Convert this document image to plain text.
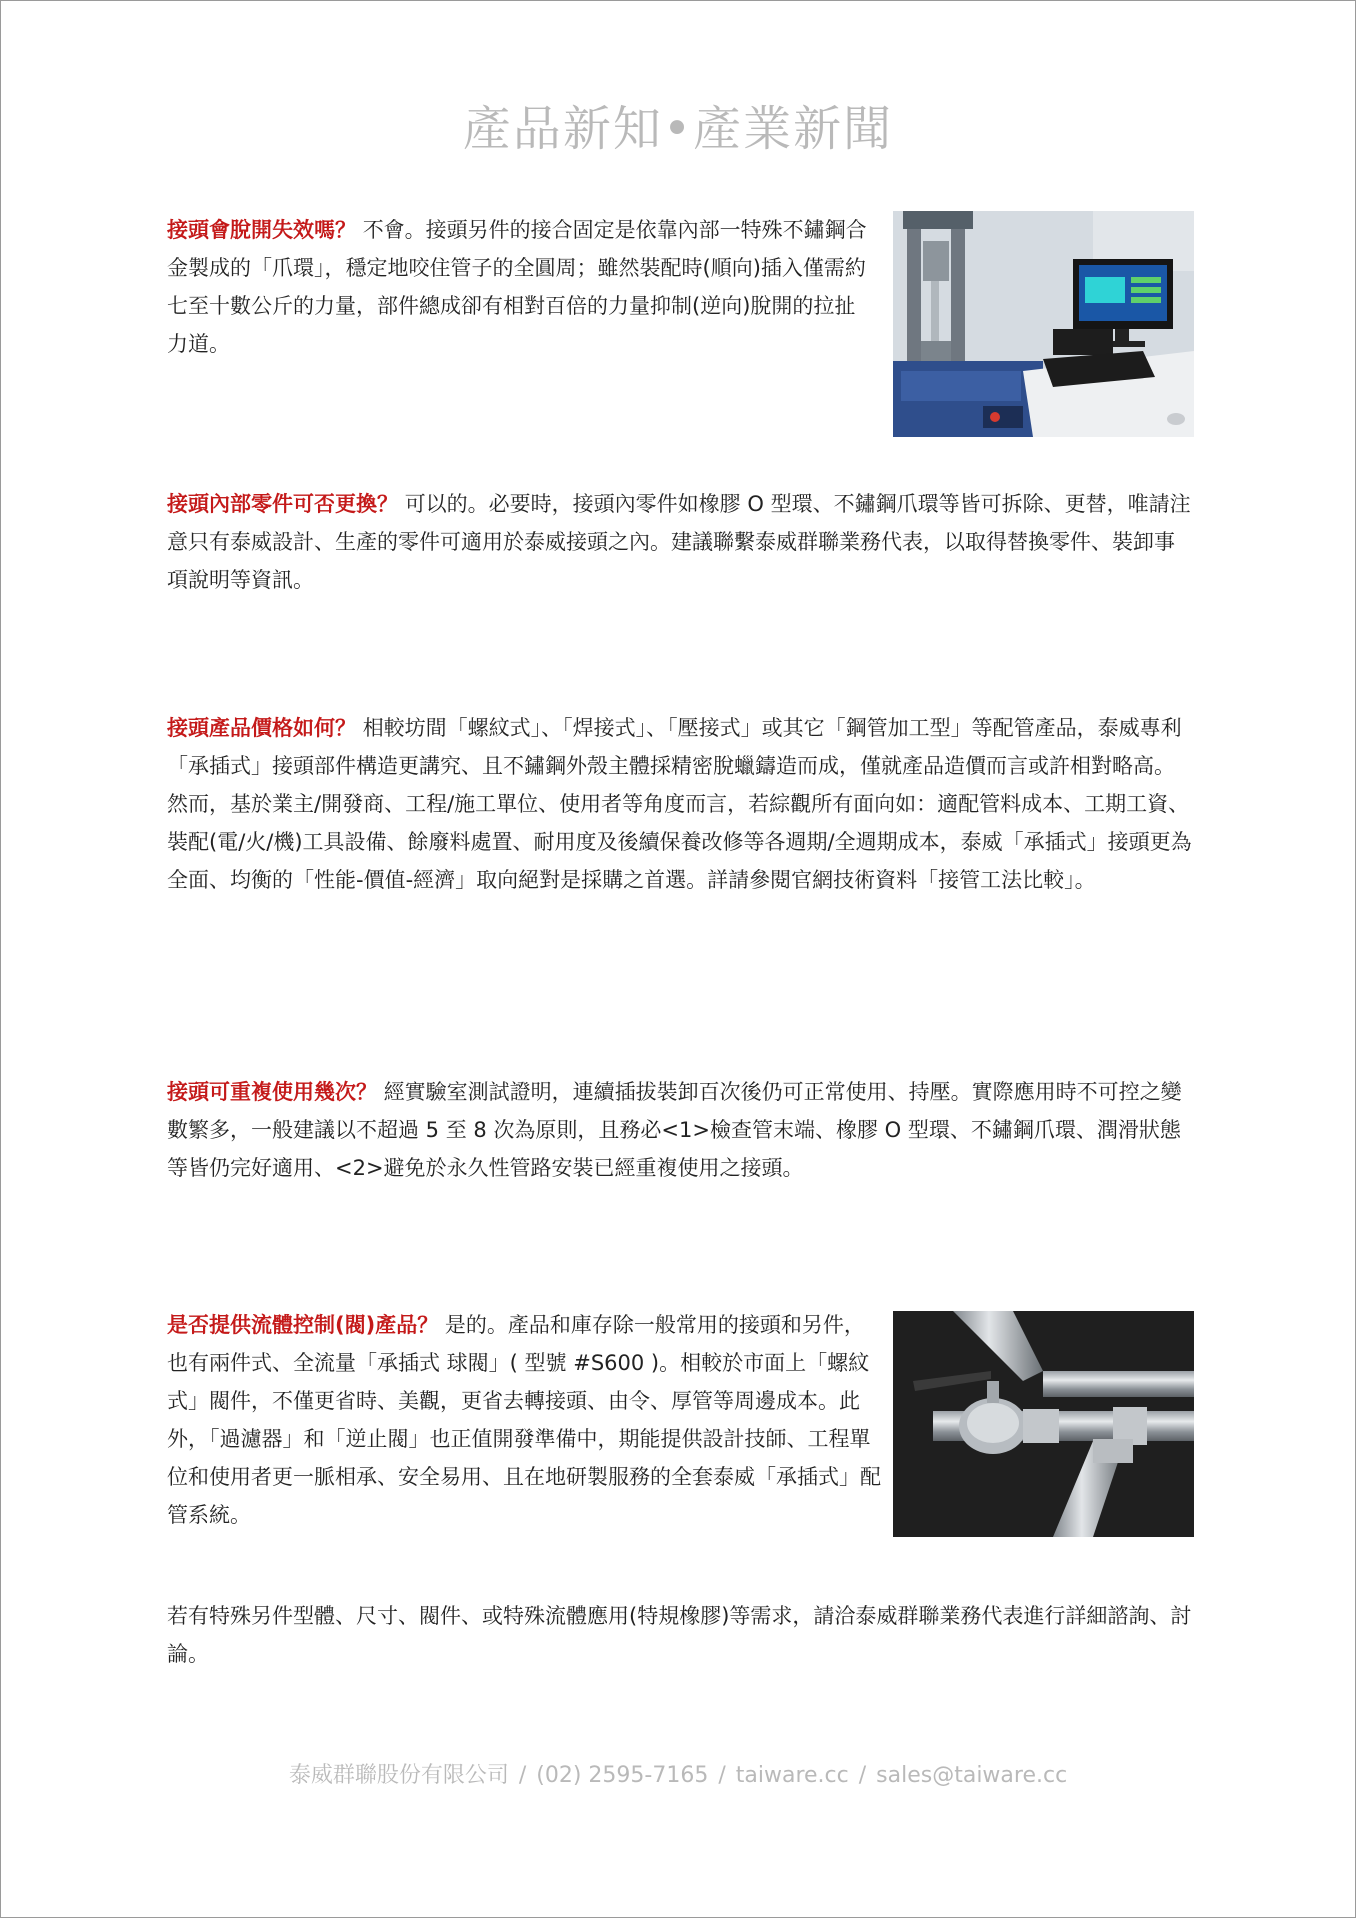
產品新知•產業新聞

接頭會脫開失效嗎？ 不會。接頭另件的接合固定是依靠內部一特殊不鏽鋼合金製成的「爪環」，穩定地咬住管子的全圓周；雖然裝配時(順向)插入僅需約七至十數公斤的力量，部件總成卻有相對百倍的力量抑制(逆向)脫開的拉扯力道。

接頭內部零件可否更換？ 可以的。必要時，接頭內零件如橡膠 O 型環、不鏽鋼爪環等皆可拆除、更替，唯請注意只有泰威設計、生產的零件可適用於泰威接頭之內。建議聯繫泰威群聯業務代表，以取得替換零件、裝卸事項說明等資訊。

接頭產品價格如何？ 相較坊間「螺紋式」、「焊接式」、「壓接式」或其它「鋼管加工型」等配管產品，泰威專利「承插式」接頭部件構造更講究、且不鏽鋼外殼主體採精密脫蠟鑄造而成，僅就產品造價而言或許相對略高。然而，基於業主/開發商、工程/施工單位、使用者等角度而言，若綜觀所有面向如：適配管料成本、工期工資、裝配(電/火/機)工具設備、餘廢料處置、耐用度及後續保養改修等各週期/全週期成本，泰威「承插式」接頭更為全面、均衡的「性能-價值-經濟」取向絕對是採購之首選。詳請參閱官網技術資料「接管工法比較」。

接頭可重複使用幾次？ 經實驗室測試證明，連續插拔裝卸百次後仍可正常使用、持壓。實際應用時不可控之變數繁多，一般建議以不超過 5 至 8 次為原則，且務必<1>檢查管末端、橡膠 O 型環、不鏽鋼爪環、潤滑狀態等皆仍完好適用、<2>避免於永久性管路安裝已經重複使用之接頭。

是否提供流體控制(閥)產品？ 是的。產品和庫存除一般常用的接頭和另件，也有兩件式、全流量「承插式 球閥」( 型號 #S600 )。相較於市面上「螺紋式」閥件，不僅更省時、美觀，更省去轉接頭、由令、厚管等周邊成本。此外，「過濾器」和「逆止閥」也正值開發準備中，期能提供設計技師、工程單位和使用者更一脈相承、安全易用、且在地研製服務的全套泰威「承插式」配管系統。

若有特殊另件型體、尺寸、閥件、或特殊流體應用(特規橡膠)等需求，請洽泰威群聯業務代表進行詳細諮詢、討論。

泰威群聯股份有限公司 / (02) 2595-7165 / taiware.cc / sales@taiware.cc
